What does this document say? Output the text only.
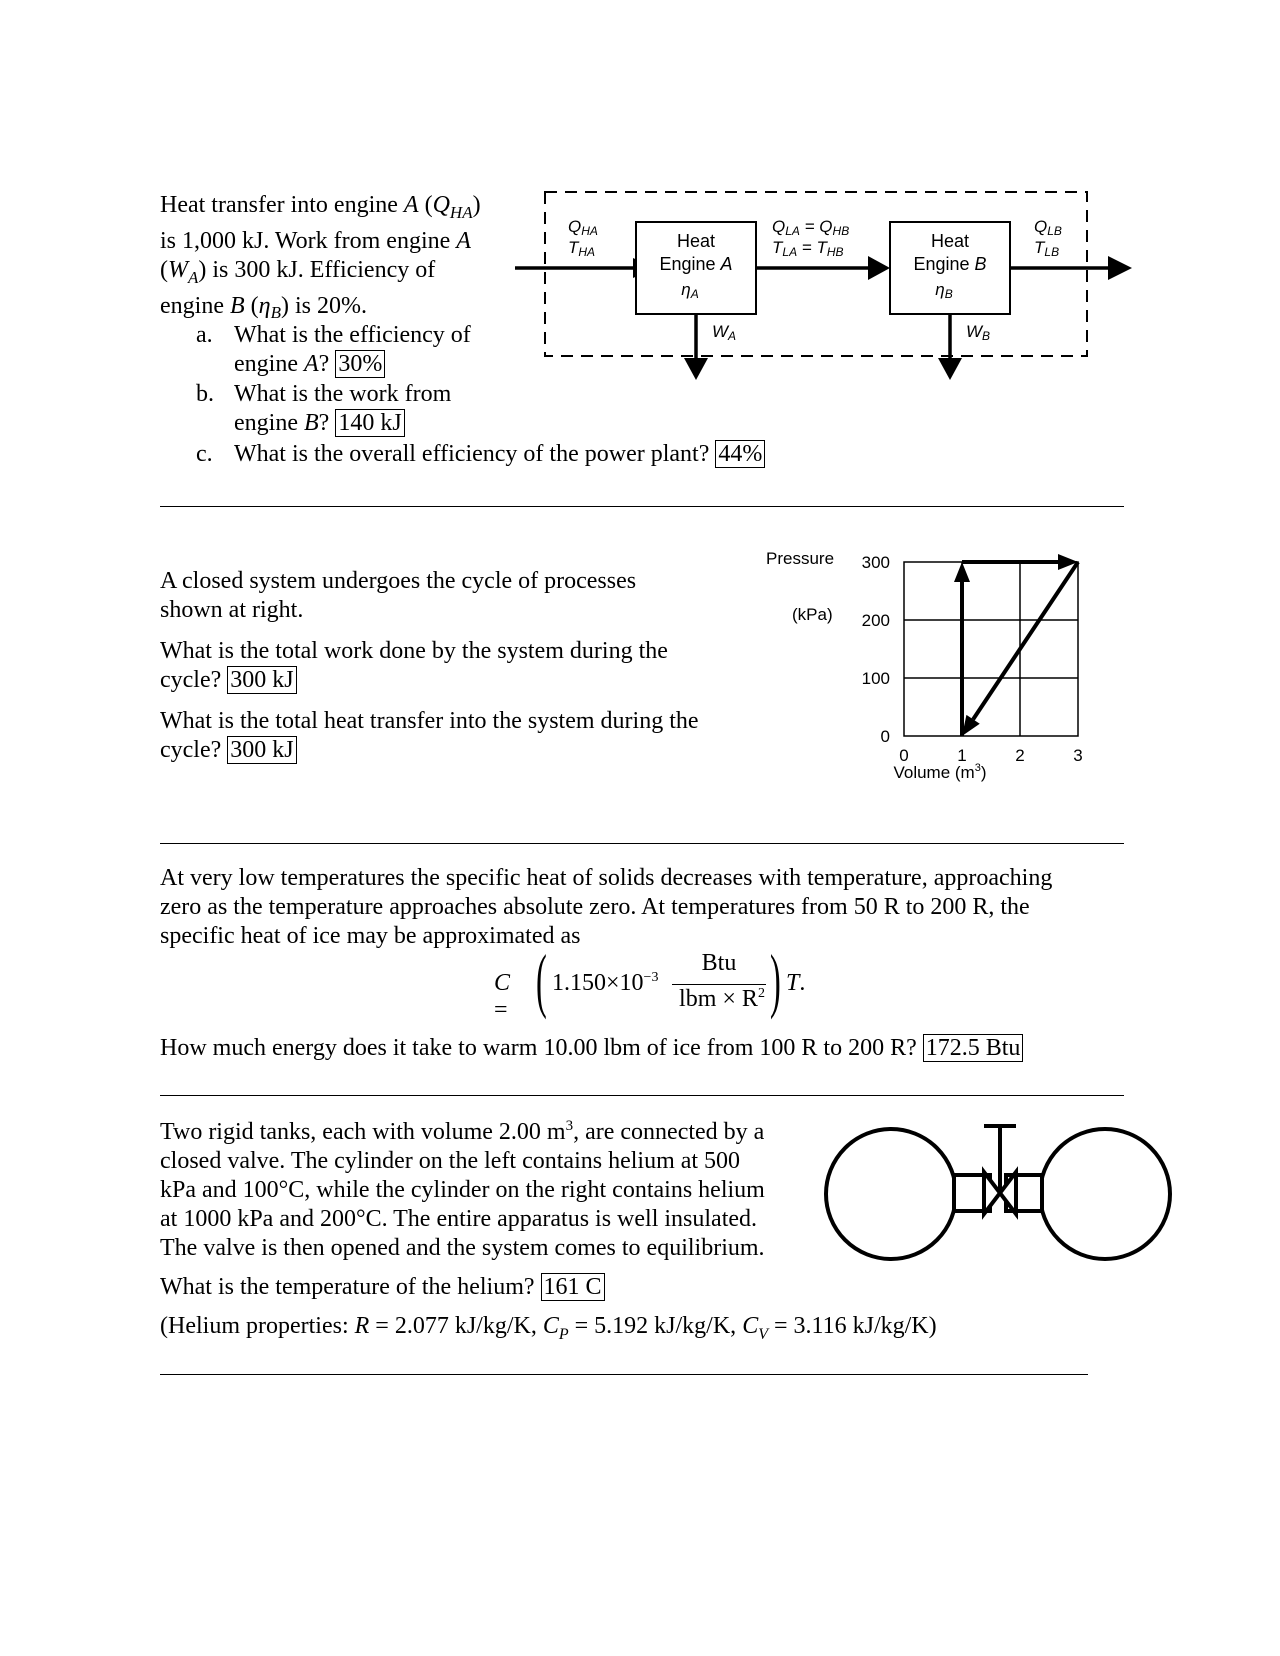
Heat transfer into engine A $(Q_{HA})$
is 1,000 kJ. Work from engine A
$(W_A)$ is 300 kJ. Efficiency of
engine B $(\eta_B)$ is 20%.
a. What is the efficiency of
engine A? 30%
b. What is the work from
engine B? 140 kJ
c. What is the overall efficiency of the power plant? 44%
QHA
THA
Heat
Engine A
ηA
QLA = QHB
TLA = THB
Heat
Engine B
ηB
QLB
TLB
WA	WB
A closed system undergoes the cycle of processes
shown at right.
What is the total work done by the system during the
cycle? 300 kJ
What is the total heat transfer into the system during the
cycle? 300 kJ	0	1	2	3
0
100
200
300
Pressure
(kPa)
Volume $(m^3)$
At very low temperatures the specific heat of solids decreases with temperature, approaching
zero as the temperature approaches absolute zero. At temperatures from 50 R to 200 R, the
specific heat of ice may be approximated as
C = ( $1.150\times 10^{-3}$
Btu
lbm × $R^2$ ) T.
How much energy does it take to warm 10.00 lbm of ice from 100 R to 200 R? 172.5 Btu
Two rigid tanks, each with volume 2.00 $m^3$, are connected by a
closed valve. The cylinder on the left contains helium at 500
kPa and 100°C, while the cylinder on the right contains helium
at 1000 kPa and 200°C. The entire apparatus is well insulated.
The valve is then opened and the system comes to equilibrium.
What is the temperature of the helium? 161 C
(Helium properties: R = 2.077 kJ/kg/K, $C_P = 5.192$ kJ/kg/K, $C_V = 3.116$ kJ/kg/K)
